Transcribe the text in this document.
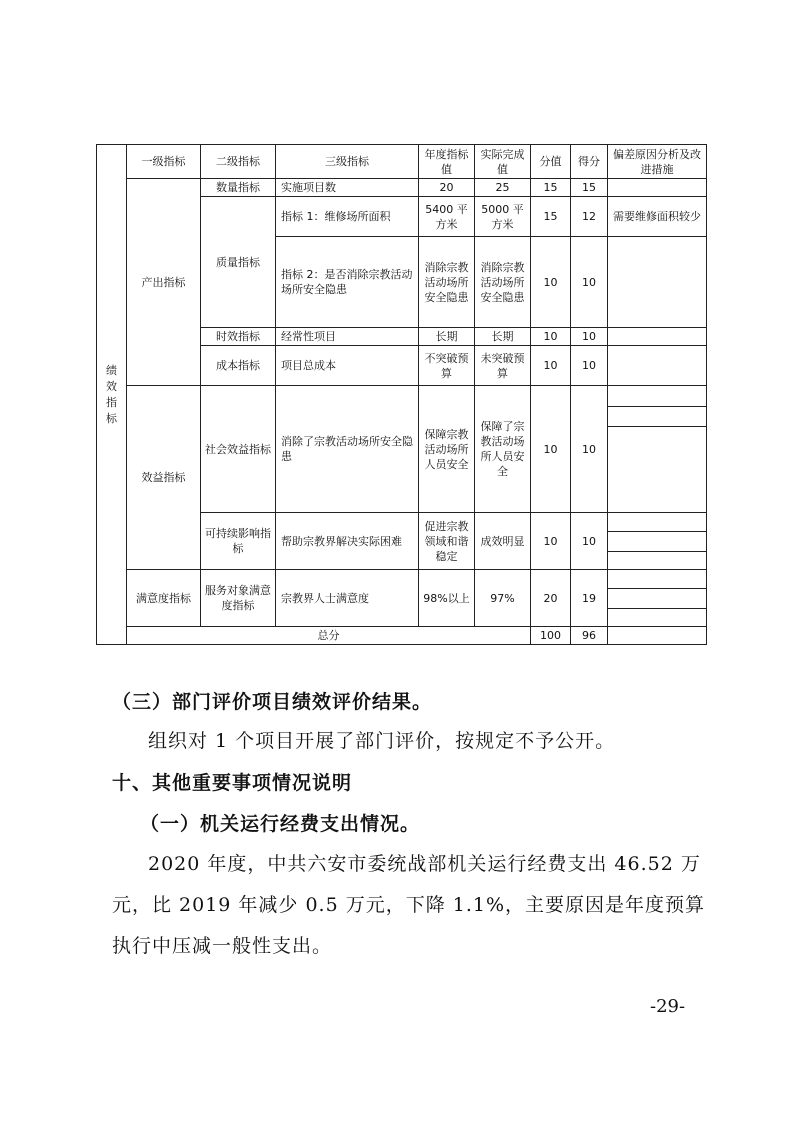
绩效指标	一级指标	二级指标	三级指标	年度指标值	实际完成值	分值	得分	偏差原因分析及改进措施
	产出指标	数量指标	实施项目数	20	25	15	15	
		质量指标	指标 1：维修场所面积	5400 平方米	5000 平方米	15	12	需要维修面积较少
			指标 2：是否消除宗教活动场所安全隐患	消除宗教活动场所安全隐患	消除宗教活动场所安全隐患	10	10	
		时效指标	经常性项目	长期	长期	10	10	
		成本指标	项目总成本	不突破预算	未突破预算	10	10	
	效益指标	社会效益指标	消除了宗教活动场所安全隐患	保障宗教活动场所人员安全	保障了宗教活动场所人员安全	10	10	

		可持续影响指标	帮助宗教界解决实际困难	促进宗教领域和谐稳定	成效明显	10	10	

	满意度指标	服务对象满意度指标	宗教界人士满意度	98%以上	97%	20	19	

	总分					100	96	
（三）部门评价项目绩效评价结果。
组织对 1 个项目开展了部门评价，按规定不予公开。
十、其他重要事项情况说明
（一）机关运行经费支出情况。
2020 年度，中共六安市委统战部机关运行经费支出 46.52 万
元，比 2019 年减少 0.5 万元，下降 1.1%，主要原因是年度预算
执行中压减一般性支出。
-29-
